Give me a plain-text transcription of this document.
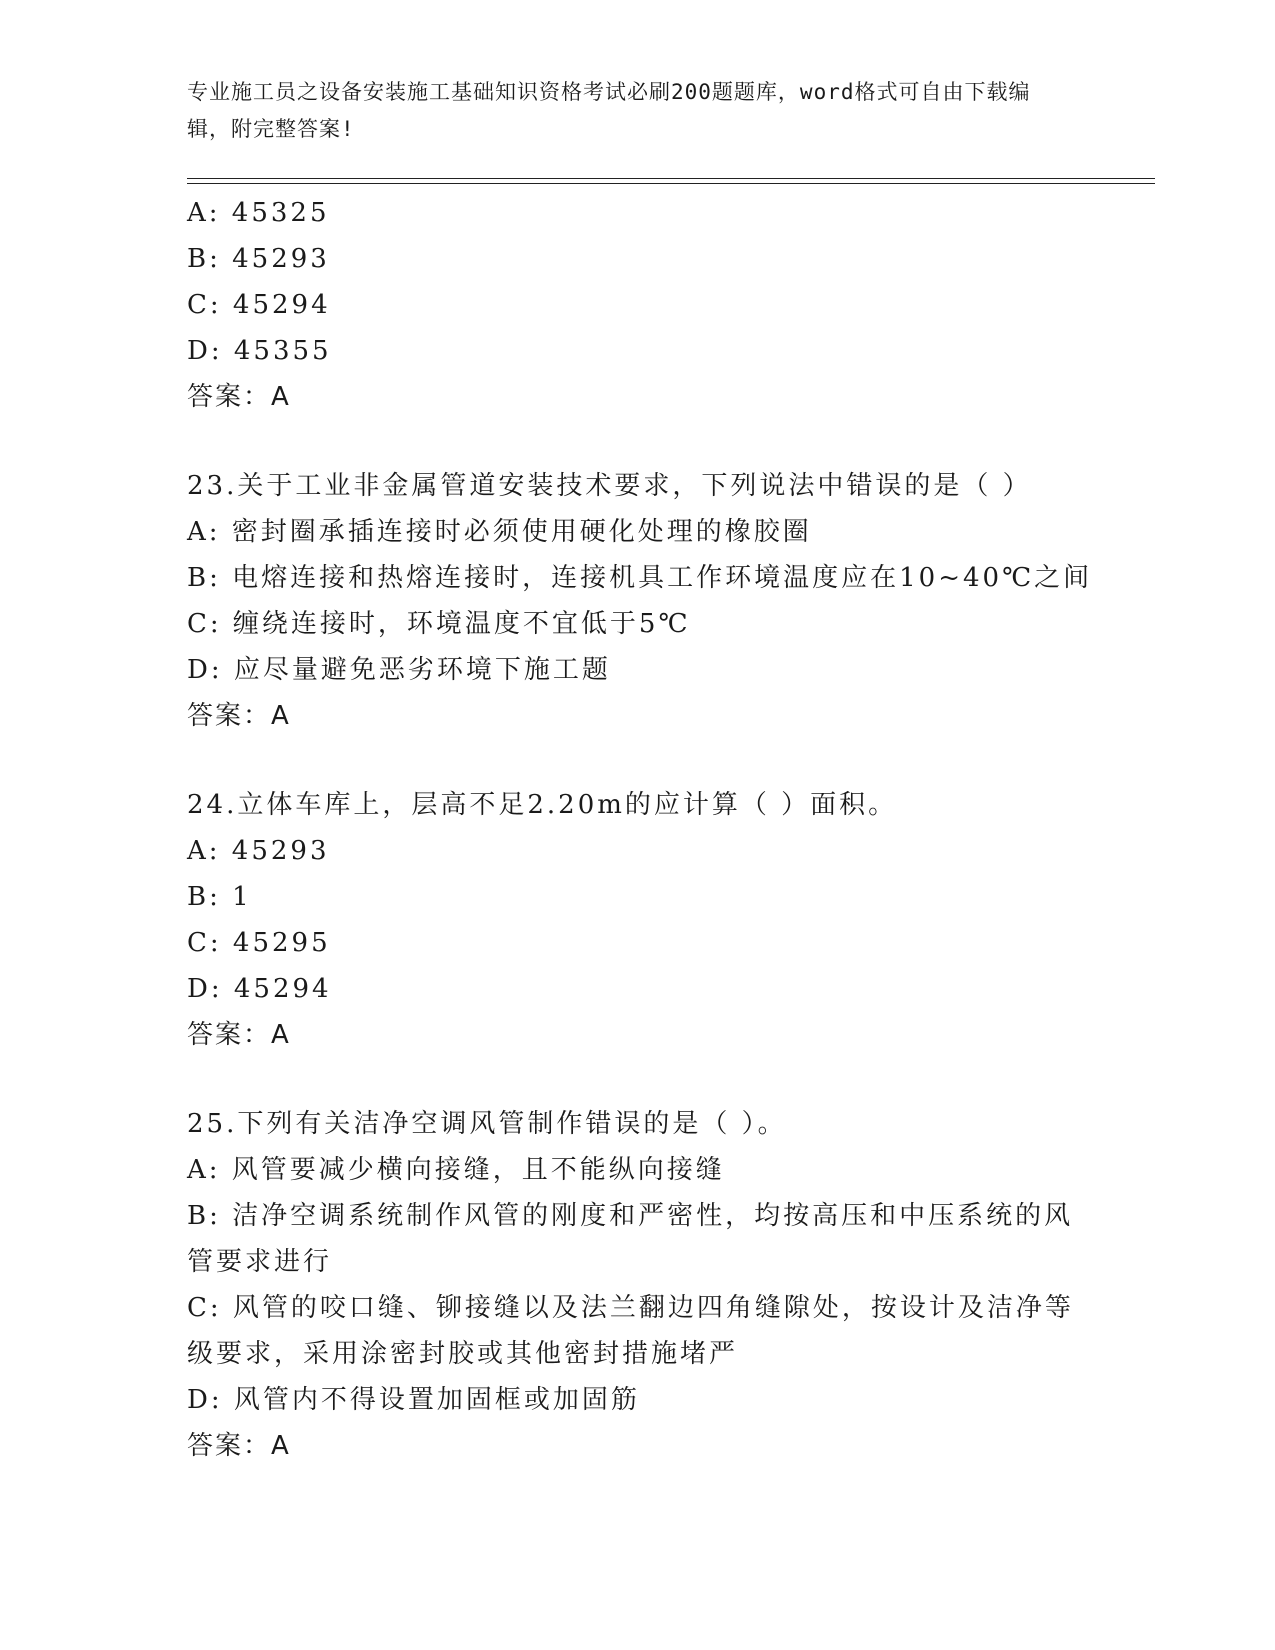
专业施工员之设备安装施工基础知识资格考试必刷200题题库，word格式可自由下载编辑，附完整答案!
A: 45325
B: 45293
C: 45294
D: 45355
答案：A
23.关于工业非金属管道安装技术要求，下列说法中错误的是（ ）
A: 密封圈承插连接时必须使用硬化处理的橡胶圈
B: 电熔连接和热熔连接时，连接机具工作环境温度应在10~40℃之间
C: 缠绕连接时，环境温度不宜低于5℃
D: 应尽量避免恶劣环境下施工题
答案：A
24.立体车库上，层高不足2.20m的应计算（ ）面积。
A: 45293
B: 1
C: 45295
D: 45294
答案：A
25.下列有关洁净空调风管制作错误的是（ ）。
A: 风管要减少横向接缝，且不能纵向接缝
B: 洁净空调系统制作风管的刚度和严密性，均按高压和中压系统的风管要求进行
C: 风管的咬口缝、铆接缝以及法兰翻边四角缝隙处，按设计及洁净等级要求，采用涂密封胶或其他密封措施堵严
D: 风管内不得设置加固框或加固筋
答案：A
